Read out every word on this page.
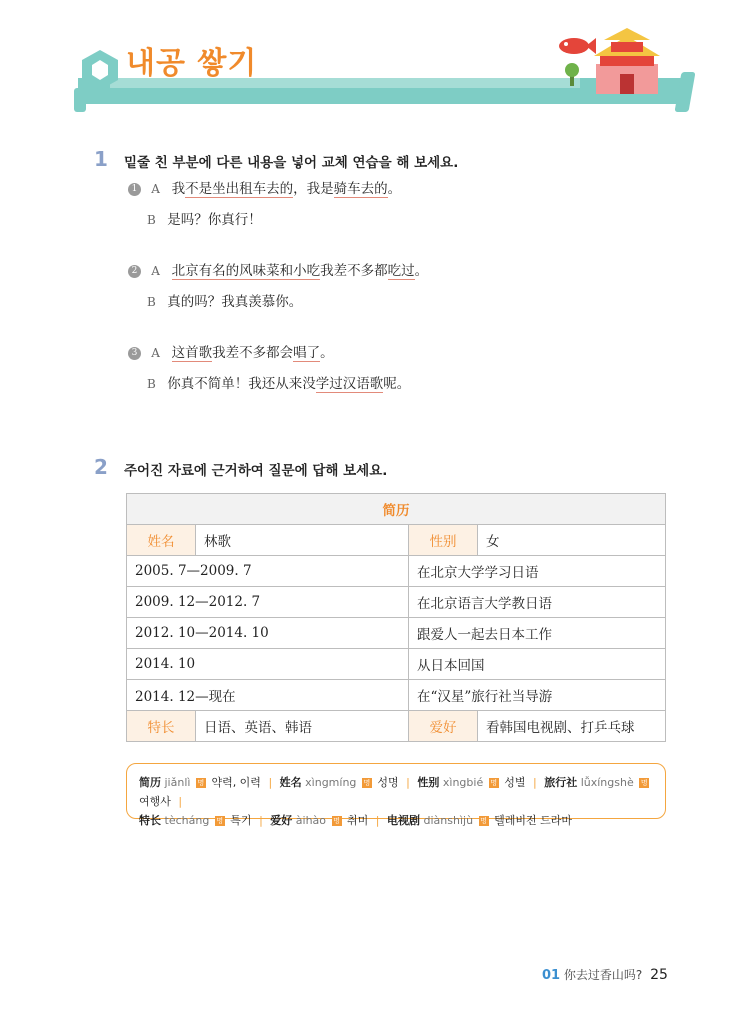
내공 쌓기
1 밑줄 친 부분에 다른 내용을 넣어 교체 연습을 해 보세요.
1 A 我不是坐出租车去的，我是骑车去的。
B 是吗？你真行！
2 A 北京有名的风味菜和小吃我差不多都吃过。
B 真的吗？我真羡慕你。
3 A 这首歌我差不多都会唱了。
B 你真不简单！我还从来没学过汉语歌呢。
2 주어진 자료에 근거하여 질문에 답해 보세요.
简历			
姓名	林歌	性别	女
2005. 7—2009. 7		在北京大学学习日语	
2009. 12—2012. 7		在北京语言大学教日语	
2012. 10—2014. 10		跟爱人一起去日本工作	
2014. 10		从日本回国	
2014. 12—现在		在“汉星”旅行社当导游	
特长	日语、英语、韩语	爱好	看韩国电视剧、打乒乓球
简历 jiǎnlì 명 약력, 이력 | 姓名 xìngmíng 명 성명 | 性别 xìngbié 명 성별 | 旅行社 lǚxíngshè 명 여행사 |
特长 tècháng 명 특기 | 爱好 àihào 명 취미 | 电视剧 diànshìjù 명 텔레비전 드라마
01 你去过香山吗? 25
